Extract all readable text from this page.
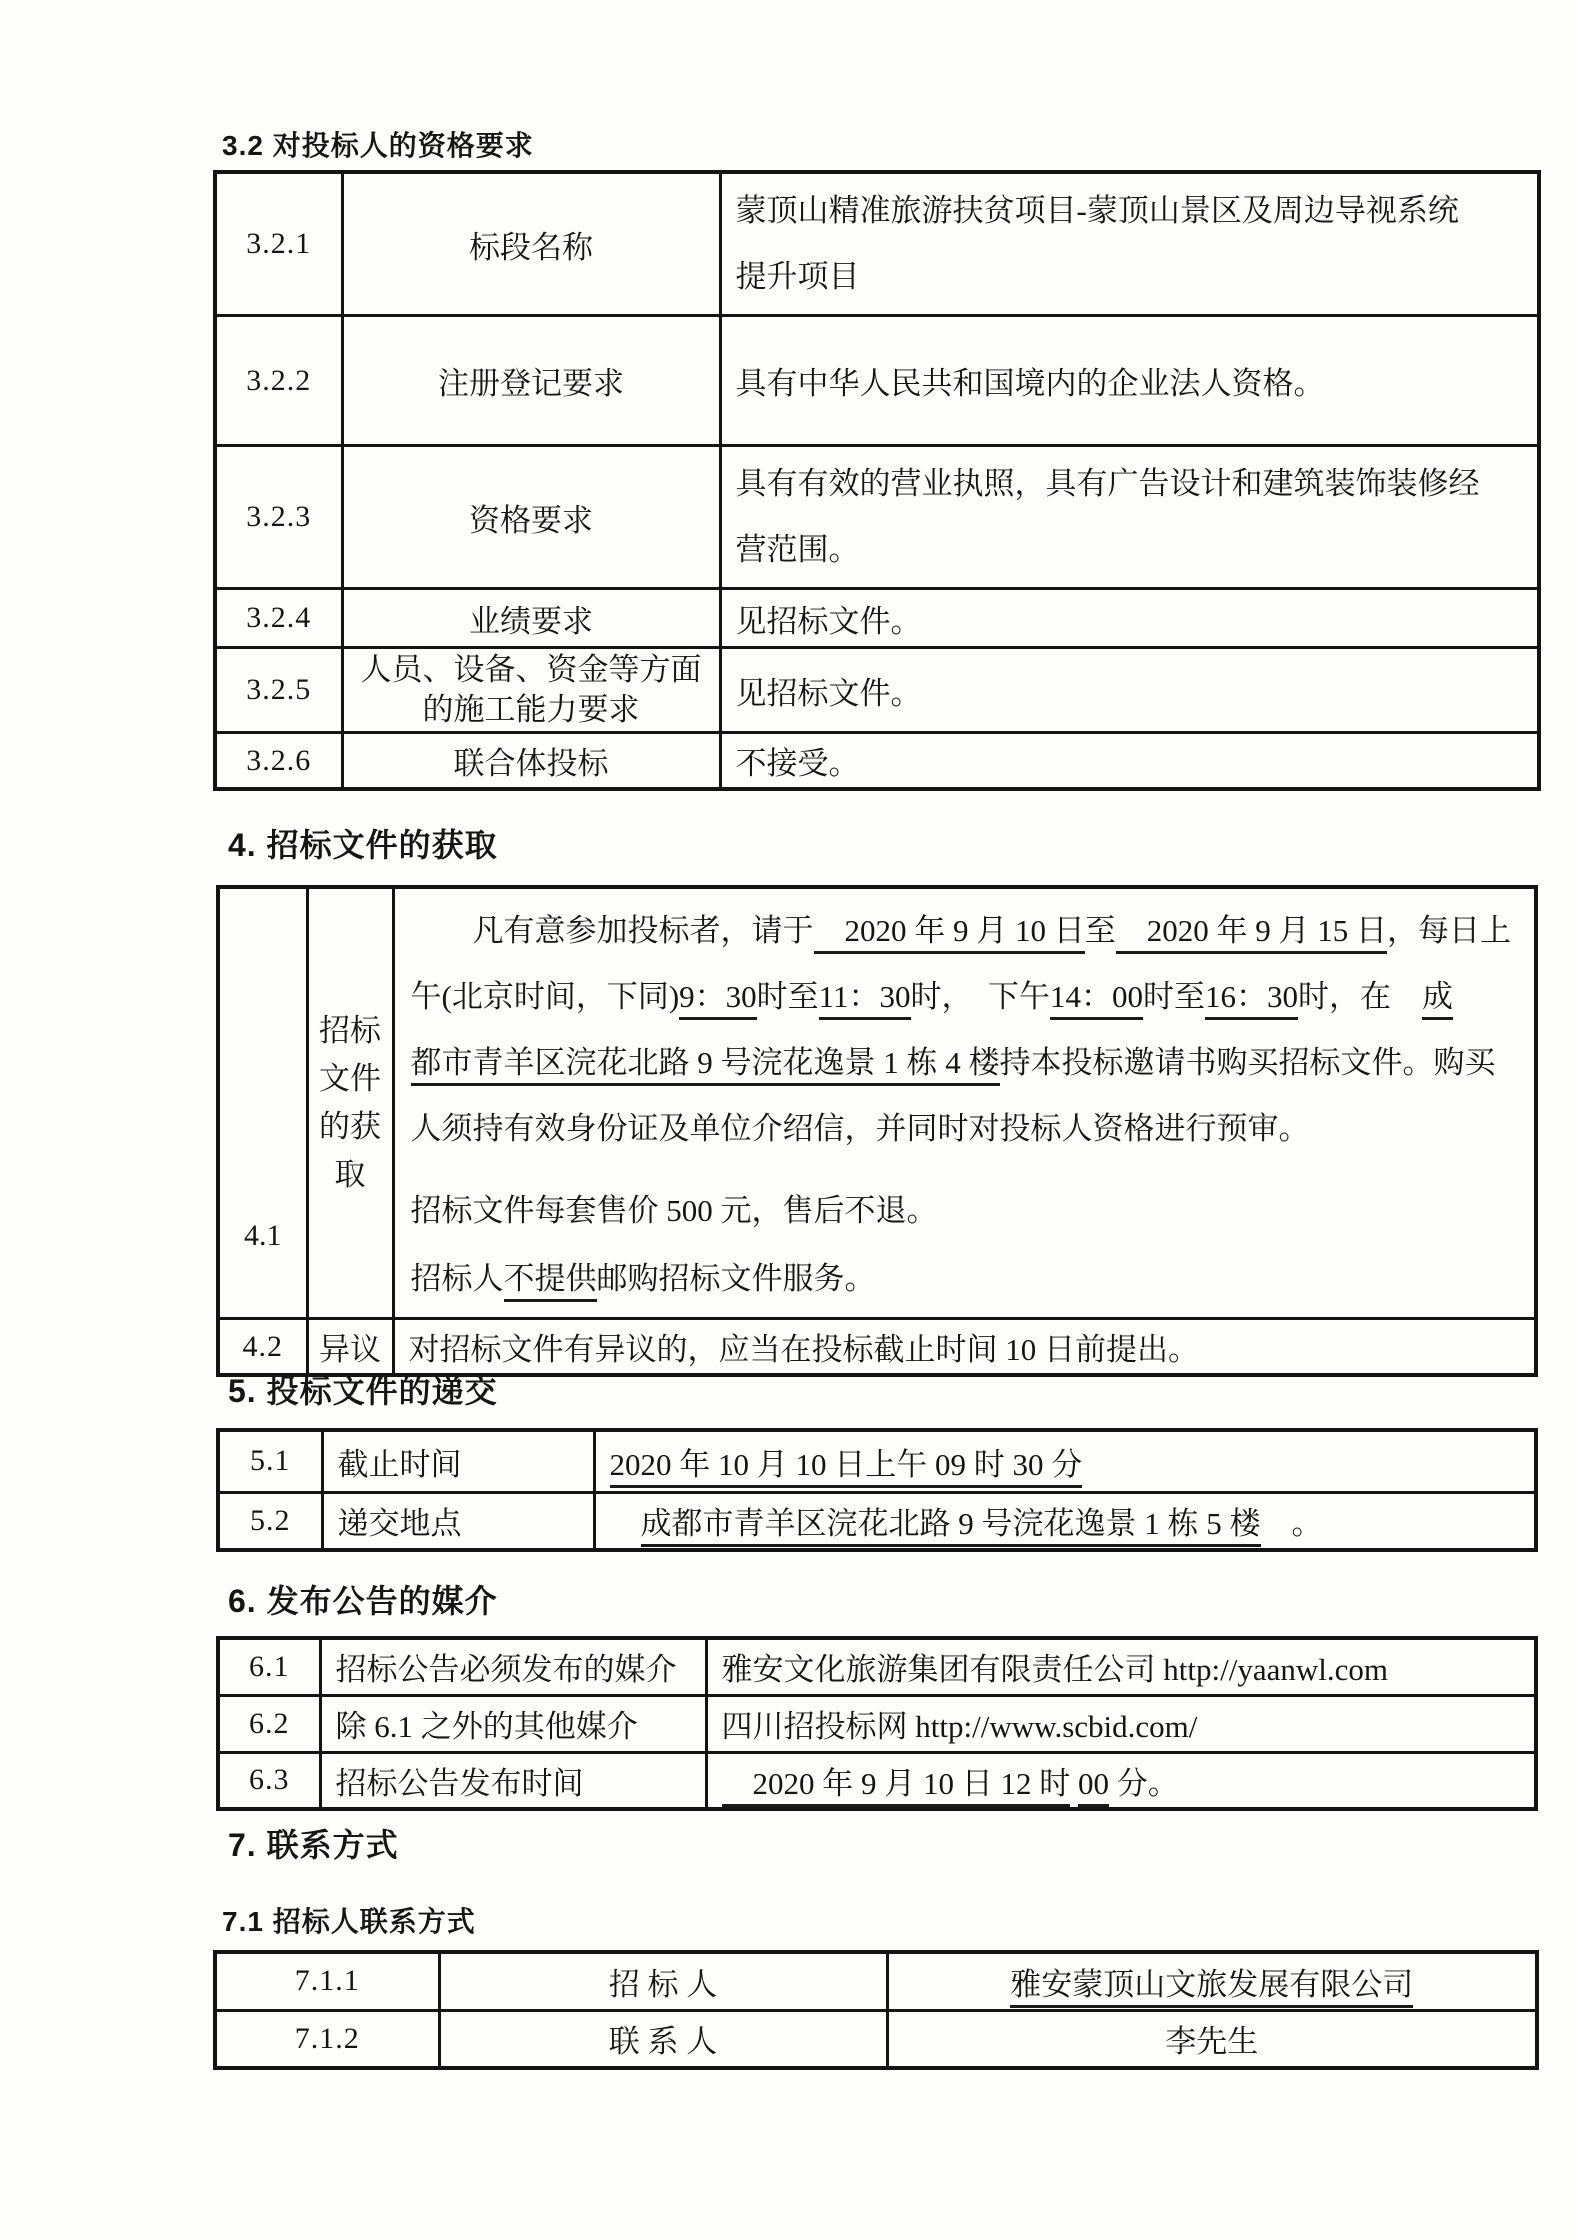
3.2 对投标人的资格要求
3.2.1	标段名称	蒙顶山精准旅游扶贫项目-蒙顶山景区及周边导视系统
提升项目
3.2.2	注册登记要求	具有中华人民共和国境内的企业法人资格。
3.2.3	资格要求	具有有效的营业执照，具有广告设计和建筑装饰装修经
营范围。
3.2.4	业绩要求	见招标文件。
3.2.5	人员、设备、资金等方面
的施工能力要求	见招标文件。
3.2.6	联合体投标	不接受。
4. 招标文件的获取
4.1	招标文件的获取	
　　凡有意参加投标者，请于　2020 年 9 月 10 日至　2020 年 9 月 15 日，每日上
午(北京时间，下同)9：30时至11：30时，　下午14：00时至16：30时，在　成
都市青羊区浣花北路 9 号浣花逸景 1 栋 4 楼持本投标邀请书购买招标文件。购买
人须持有效身份证及单位介绍信，并同时对投标人资格进行预审。
招标文件每套售价 500 元，售后不退。
招标人不提供邮购招标文件服务。

4.2	异议	对招标文件有异议的，应当在投标截止时间 10 日前提出。
5. 投标文件的递交
5.1	截止时间	2020 年 10 月 10 日上午 09 时 30 分
5.2	递交地点	　成都市青羊区浣花北路 9 号浣花逸景 1 栋 5 楼　。
6. 发布公告的媒介
6.1	招标公告必须发布的媒介	雅安文化旅游集团有限责任公司 http://yaanwl.com
6.2	除 6.1 之外的其他媒介	四川招投标网 http://www.scbid.com/
6.3	招标公告发布时间	　2020 年 9 月 10 日 12 时 00 分。
7. 联系方式
7.1 招标人联系方式
7.1.1	招 标 人	雅安蒙顶山文旅发展有限公司
7.1.2	联 系 人	李先生
